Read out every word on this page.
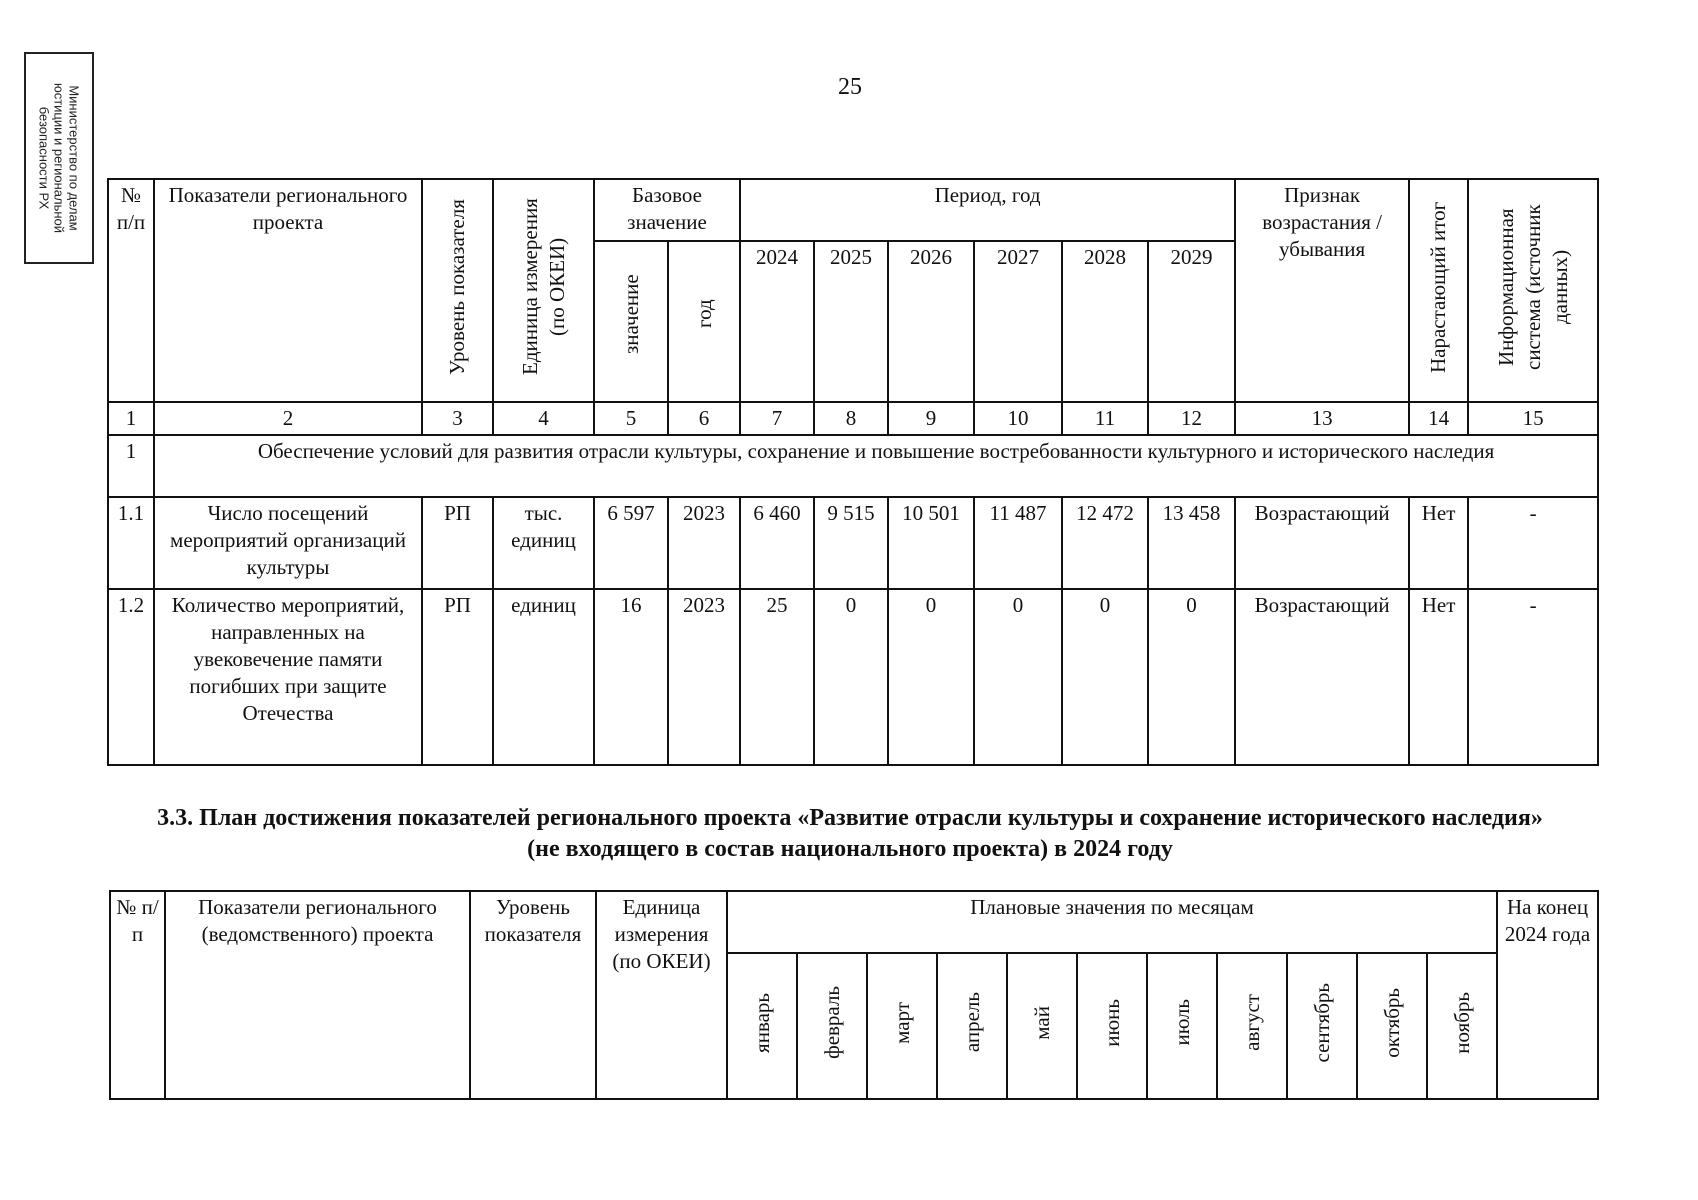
Министерство по делам
юстиции и региональной
безопасности РХ
25
№ п/п	Показатели регионального проекта	Уровень показателя	Единица измерения (по ОКЕИ)	Базовое значение		Период, год						Признак возрастания / убывания	Нарастающий итог	Информационная система (источник данных)
				значение	год	2024	2025	2026	2027	2028	2029			
1	2	3	4	5	6	7	8	9	10	11	12	13	14	15
1	Обеспечение условий для развития отрасли культуры, сохранение и повышение востребованности культурного и исторического наследия													
1.1	Число посещений мероприятий организаций культуры	РП	тыс. единиц	6 597	2023	6 460	9 515	10 501	11 487	12 472	13 458	Возрастающий	Нет	-
1.2	Количество мероприятий, направленных на увековечение памяти погибших при защите Отечества	РП	единиц	16	2023	25	0	0	0	0	0	Возрастающий	Нет	-
3.3. План достижения показателей регионального проекта «Развитие отрасли культуры и сохранение исторического наследия»
(не входящего в состав национального проекта) в 2024 году
№ п/п	Показатели регионального (ведомственного) проекта	Уровень показателя	Единица измерения (по ОКЕИ)	Плановые значения по месяцам											На конец 2024 года
				январь	февраль	март	апрель	май	июнь	июль	август	сентябрь	октябрь	ноябрь	
